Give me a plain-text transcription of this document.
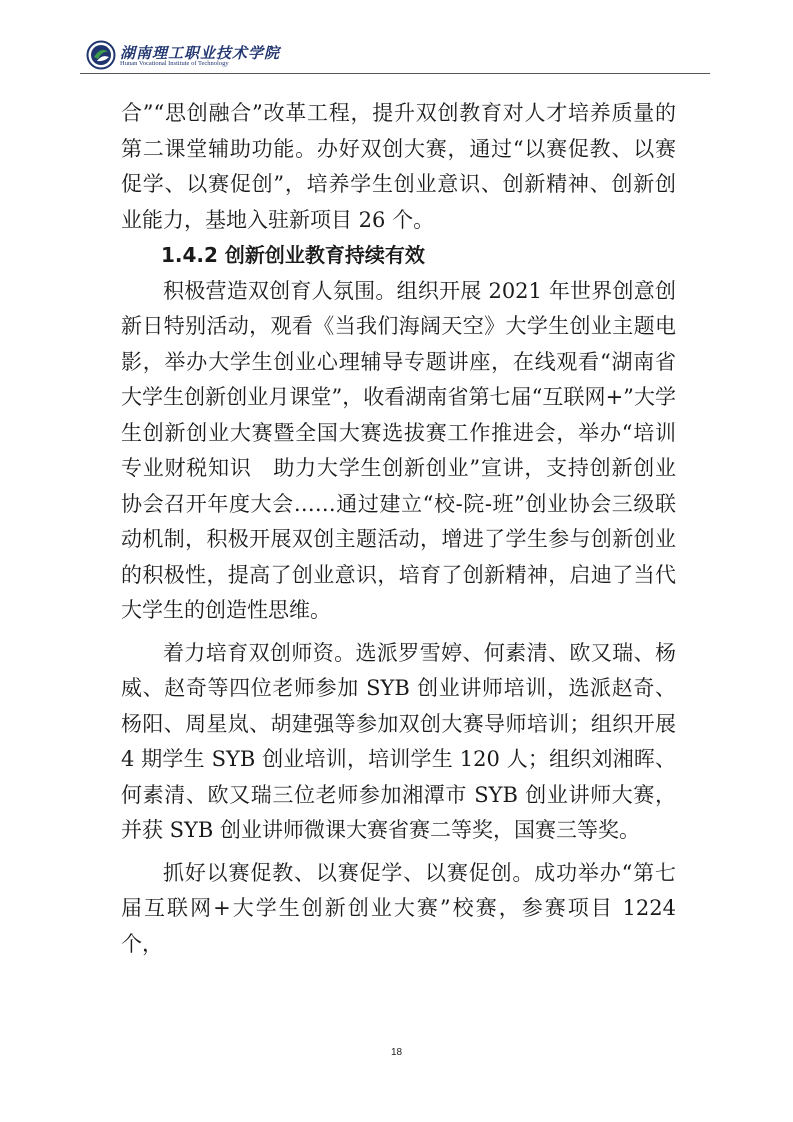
湖南理工职业技术学院
Hunan Vocational Institute of Technology

合”“思创融合”改革工程，提升双创教育对人才培养质量的第二课堂辅助功能。办好双创大赛，通过“以赛促教、以赛促学、以赛促创”，培养学生创业意识、创新精神、创新创业能力，基地入驻新项目 26 个。

1.4.2 创新创业教育持续有效

积极营造双创育人氛围。组织开展 2021 年世界创意创新日特别活动，观看《当我们海阔天空》大学生创业主题电影，举办大学生创业心理辅导专题讲座，在线观看“湖南省大学生创新创业月课堂”，收看湖南省第七届“互联网+”大学生创新创业大赛暨全国大赛选拔赛工作推进会，举办“培训专业财税知识　助力大学生创新创业”宣讲，支持创新创业协会召开年度大会……通过建立“校-院-班”创业协会三级联动机制，积极开展双创主题活动，增进了学生参与创新创业的积极性，提高了创业意识，培育了创新精神，启迪了当代大学生的创造性思维。

着力培育双创师资。选派罗雪婷、何素清、欧又瑞、杨威、赵奇等四位老师参加 SYB 创业讲师培训，选派赵奇、杨阳、周星岚、胡建强等参加双创大赛导师培训；组织开展 4 期学生 SYB 创业培训，培训学生 120 人；组织刘湘晖、何素清、欧又瑞三位老师参加湘潭市 SYB 创业讲师大赛，并获 SYB 创业讲师微课大赛省赛二等奖，国赛三等奖。

抓好以赛促教、以赛促学、以赛促创。成功举办“第七届互联网+大学生创新创业大赛”校赛，参赛项目 1224 个，

18
